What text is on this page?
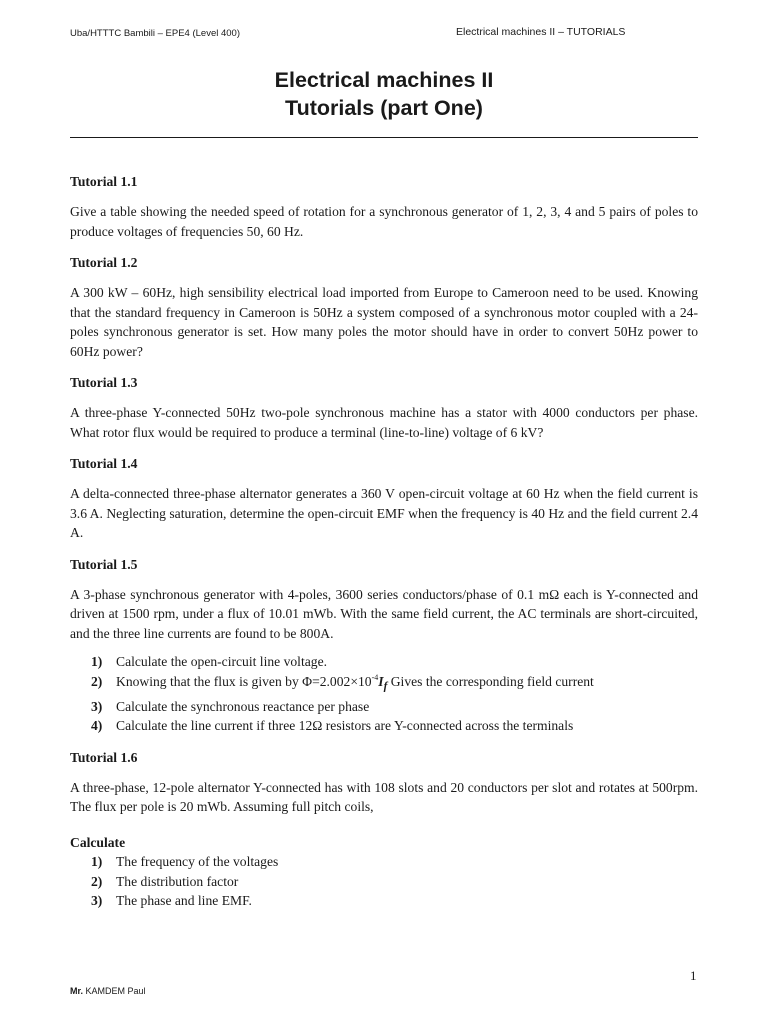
Uba/HTTTC Bambili – EPE4 (Level 400)	Electrical machines II – TUTORIALS
Electrical machines II
Tutorials (part One)
Tutorial 1.1

Give a table showing the needed speed of rotation for a synchronous generator of 1, 2, 3, 4 and 5 pairs of poles to produce voltages of frequencies 50, 60 Hz.

Tutorial 1.2

A 300 kW – 60Hz, high sensibility electrical load imported from Europe to Cameroon need to be used. Knowing that the standard frequency in Cameroon is 50Hz a system composed of a synchronous motor coupled with a 24-poles synchronous generator is set. How many poles the motor should have in order to convert 50Hz power to 60Hz power?

Tutorial 1.3

A three-phase Y-connected 50Hz two-pole synchronous machine has a stator with 4000 conductors per phase. What rotor flux would be required to produce a terminal (line-to-line) voltage of 6 kV?

Tutorial 1.4

A delta-connected three-phase alternator generates a 360 V open-circuit voltage at 60 Hz when the field current is 3.6 A. Neglecting saturation, determine the open-circuit EMF when the frequency is 40 Hz and the field current 2.4 A.

Tutorial 1.5

A 3-phase synchronous generator with 4-poles, 3600 series conductors/phase of 0.1 mΩ each is Y-connected and driven at 1500 rpm, under a flux of 10.01 mWb. With the same field current, the AC terminals are short-circuited, and the three line currents are found to be 800A.

1)	Calculate the open-circuit line voltage.
2)	Knowing that the flux is given by $\Phi=2.002\times 10^{-4}I_f$ Gives the corresponding field current
3)	Calculate the synchronous reactance per phase
4)	Calculate the line current if three 12Ω resistors are Y-connected across the terminals
Tutorial 1.6

A three-phase, 12-pole alternator Y-connected has with 108 slots and 20 conductors per slot and rotates at 500rpm. The flux per pole is 20 mWb. Assuming full pitch coils,

Calculate
1)	The frequency of the voltages
2)	The distribution factor
3)	The phase and line EMF.
1
Mr. KAMDEM Paul
